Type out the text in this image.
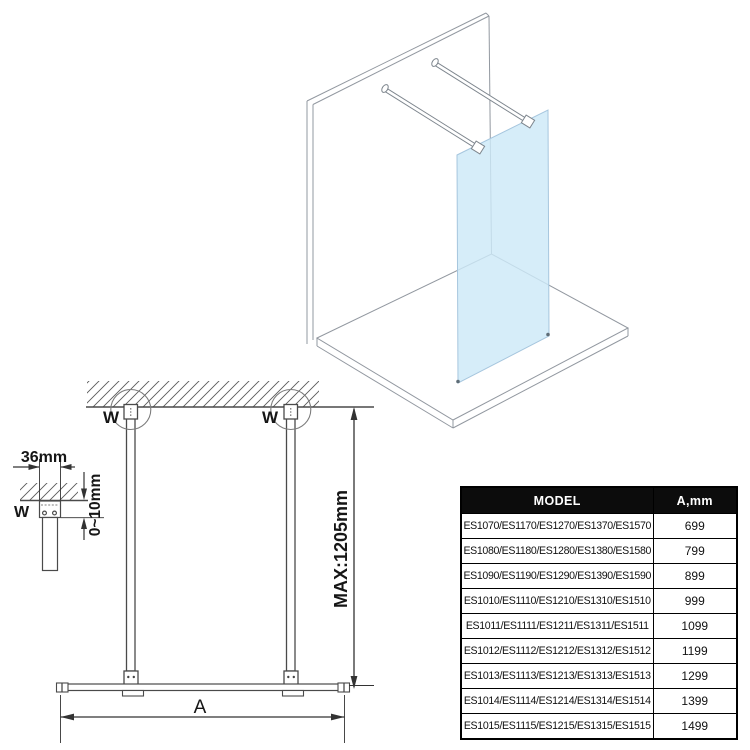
W	W
MAX:1205mm
A
36mm
W	0~10mm	MODEL	A,mm
ES1070/ES1170/ES1270/ES1370/ES1570	699
ES1080/ES1180/ES1280/ES1380/ES1580	799
ES1090/ES1190/ES1290/ES1390/ES1590	899
ES1010/ES1110/ES1210/ES1310/ES1510	999
ES1011/ES1111/ES1211/ES1311/ES1511	1099
ES1012/ES1112/ES1212/ES1312/ES1512	1199
ES1013/ES1113/ES1213/ES1313/ES1513	1299
ES1014/ES1114/ES1214/ES1314/ES1514	1399
ES1015/ES1115/ES1215/ES1315/ES1515	1499
